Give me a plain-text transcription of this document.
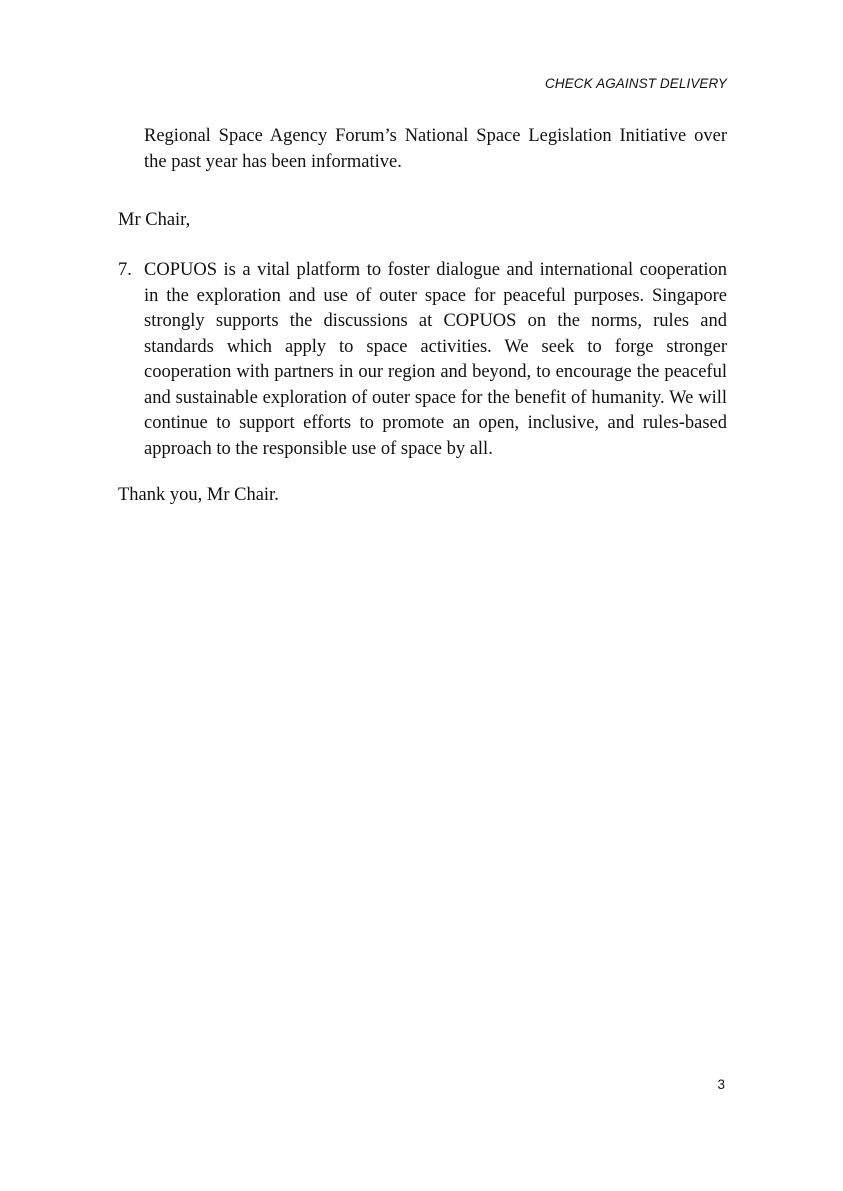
CHECK AGAINST DELIVERY

Regional Space Agency Forum’s National Space Legislation Initiative over the past year has been informative.

Mr Chair,

7. COPUOS is a vital platform to foster dialogue and international cooperation in the exploration and use of outer space for peaceful purposes. Singapore strongly supports the discussions at COPUOS on the norms, rules and standards which apply to space activities. We seek to forge stronger cooperation with partners in our region and beyond, to encourage the peaceful and sustainable exploration of outer space for the benefit of humanity. We will continue to support efforts to promote an open, inclusive, and rules-based approach to the responsible use of space by all.

Thank you, Mr Chair.

3
